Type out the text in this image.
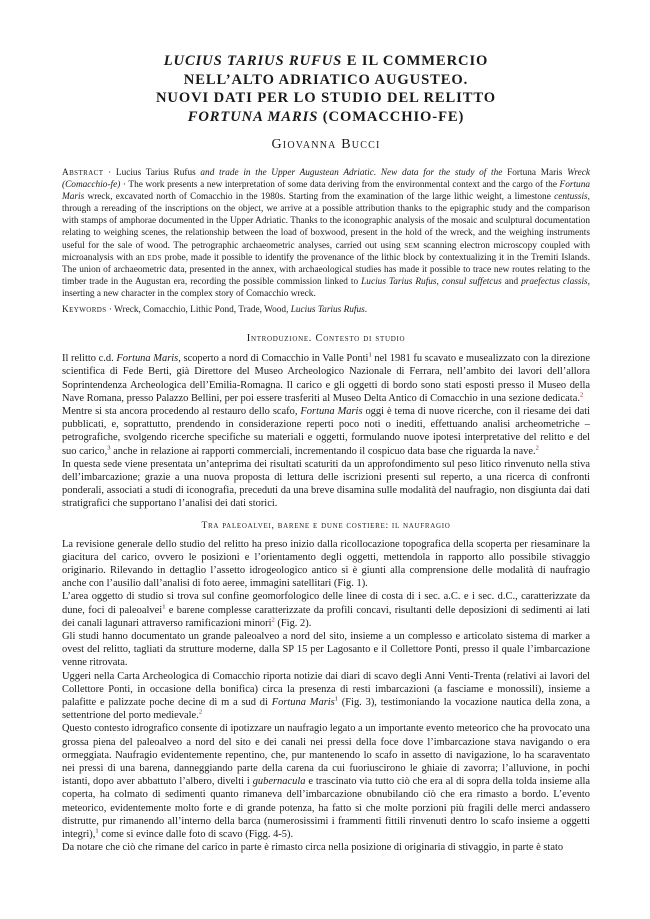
LUCIUS TARIUS RUFUS E IL COMMERCIO
NELL’ALTO ADRIATICO AUGUSTEO.
NUOVI DATI PER LO STUDIO DEL RELITTO
FORTUNA MARIS (COMACCHIO-FE)
Giovanna Bucci

Abstract · Lucius Tarius Rufus and trade in the Upper Augustean Adriatic. New data for the study of the Fortuna Maris Wreck (Comacchio-fe) · The work presents a new interpretation of some data deriving from the environmental context and the cargo of the Fortuna Maris wreck, excavated north of Comacchio in the 1980s. Starting from the examination of the large lithic weight, a limestone centussis, through a rereading of the inscriptions on the object, we arrive at a possible attribution thanks to the epigraphic study and the comparison with stamps of amphorae documented in the Upper Adriatic. Thanks to the iconographic analysis of the mosaic and sculptural documentation relating to weighing scenes, the relationship between the load of boxwood, present in the hold of the wreck, and the weighing instruments useful for the sale of wood. The petrographic archaeometric analyses, carried out using sem scanning electron microscopy coupled with microanalysis with an eds probe, made it possible to identify the provenance of the lithic block by contextualizing it in the Tremiti Islands. The union of archaeometric data, presented in the annex, with archaeological studies has made it possible to trace new routes relating to the timber trade in the Augustan era, recording the possible commission linked to Lucius Tarius Rufus, consul suffetcus and praefectus classis, inserting a new character in the complex story of Comacchio wreck.

Keywords · Wreck, Comacchio, Lithic Pond, Trade, Wood, Lucius Tarius Rufus.

Introduzione. Contesto di studio

Il relitto c.d. Fortuna Maris, scoperto a nord di Comacchio in Valle Ponti$^1$ nel 1981 fu scavato e musealizzato con la direzione scientifica di Fede Berti, già Direttore del Museo Archeologico Nazionale di Ferrara, nell’ambito dei lavori dell’allora Soprintendenza Archeologica dell’Emilia-Romagna. Il carico e gli oggetti di bordo sono stati esposti presso il Museo della Nave Romana, presso Palazzo Bellini, per poi essere trasferiti al Museo Delta Antico di Comacchio in una sezione dedicata.$^2$

Mentre si sta ancora procedendo al restauro dello scafo, Fortuna Maris oggi è tema di nuove ricerche, con il riesame dei dati pubblicati, e, soprattutto, prendendo in considerazione reperti poco noti o inediti, effettuando analisi archeometriche – petrografiche, svolgendo ricerche specifiche su materiali e oggetti, formulando nuove ipotesi interpretative del relitto e del suo carico,$^3$ anche in relazione ai rapporti commerciali, incrementando il cospicuo data base che riguarda la nave.$^2$

In questa sede viene presentata un’anteprima dei risultati scaturiti da un approfondimento sul peso litico rinvenuto nella stiva dell’imbarcazione; grazie a una nuova proposta di lettura delle iscrizioni presenti sul reperto, a una ricerca di confronti ponderali, associati a studi di iconografia, preceduti da una breve disamina sulle modalità del naufragio, non disgiunta dai dati stratigrafici che supportano l’analisi dei dati storici.

Tra paleoalvei, barene e dune costiere: il naufragio

La revisione generale dello studio del relitto ha preso inizio dalla ricollocazione topografica della scoperta per riesaminare la giacitura del carico, ovvero le posizioni e l’orientamento degli oggetti, mettendola in rapporto allo possibile stivaggio originario. Rilevando in dettaglio l’assetto idrogeologico antico si è giunti alla comprensione delle modalità di naufragio anche con l’ausilio dall’analisi di foto aeree, immagini satellitari (Fig. 1).

L’area oggetto di studio si trova sul confine geomorfologico delle linee di costa di i sec. a.C. e i sec. d.C., caratterizzate da dune, foci di paleoalvei$^1$ e barene complesse caratterizzate da profili concavi, risultanti delle deposizioni di sedimenti ai lati dei canali lagunari attraverso ramificazioni minori$^2$ (Fig. 2).

Gli studi hanno documentato un grande paleoalveo a nord del sito, insieme a un complesso e articolato sistema di marker a ovest del relitto, tagliati da strutture moderne, dalla SP 15 per Lagosanto e il Collettore Ponti, presso il quale l’imbarcazione venne ritrovata.

Uggeri nella Carta Archeologica di Comacchio riporta notizie dai diari di scavo degli Anni Venti-Trenta (relativi ai lavori del Collettore Ponti, in occasione della bonifica) circa la presenza di resti imbarcazioni (a fasciame e monossili), insieme a palafitte e palizzate poche decine di m a sud di Fortuna Maris$^1$ (Fig. 3), testimoniando la vocazione nautica della zona, a settentrione del porto medievale.$^2$

Questo contesto idrografico consente di ipotizzare un naufragio legato a un importante evento meteorico che ha provocato una grossa piena del paleoalveo a nord del sito e dei canali nei pressi della foce dove l’imbarcazione stava navigando o era ormeggiata. Naufragio evidentemente repentino, che, pur mantenendo lo scafo in assetto di navigazione, lo ha scaraventato nei pressi di una barena, danneggiando parte della carena da cui fuoriuscirono le ghiaie di zavorra; l’alluvione, in pochi istanti, dopo aver abbattuto l’albero, divelti i gubernacula e trascinato via tutto ciò che era al di sopra della tolda insieme alla coperta, ha colmato di sedimenti quanto rimaneva dell’imbarcazione obnubilando ciò che era rimasto a bordo. L’evento meteorico, evidentemente molto forte e di grande potenza, ha fatto sì che molte porzioni più fragili delle merci andassero distrutte, pur rimanendo all’interno della barca (numerosissimi i frammenti fittili rinvenuti dentro lo scafo insieme a oggetti integri),$^1$ come si evince dalle foto di scavo (Figg. 4-5).

Da notare che ciò che rimane del carico in parte è rimasto circa nella posizione di originaria di stivaggio, in parte è stato
